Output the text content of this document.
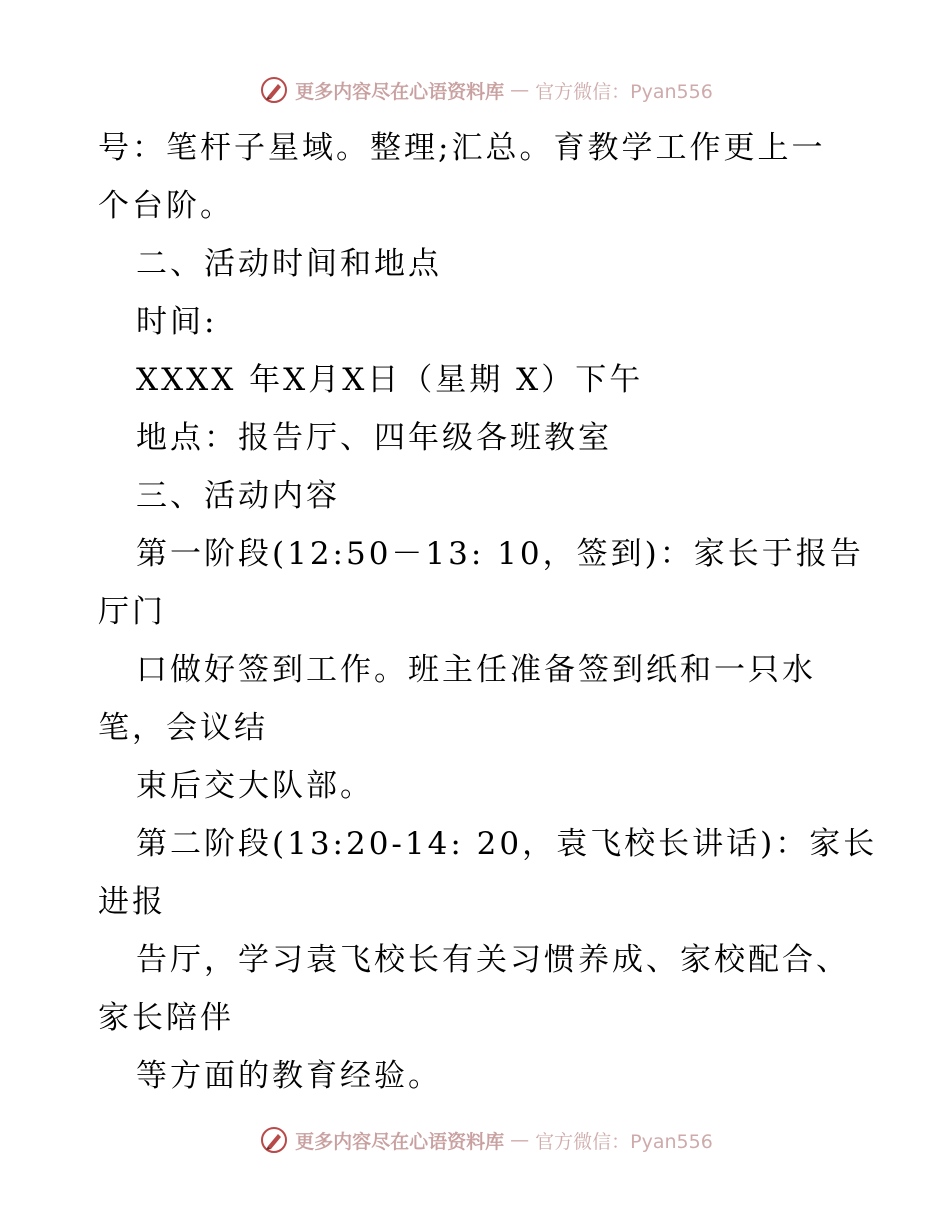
更多内容尽在心语资料库 — 官方微信：Pyan556
号：笔杆子星域。整理;汇总。育教学工作更上一
个台阶。
二、活动时间和地点
时间:
XXXX 年X月X日（星期 X）下午
地点：报告厅、四年级各班教室
三、活动内容
第一阶段(12:50－13: 10，签到)：家长于报告
厅门
口做好签到工作。班主任准备签到纸和一只水
笔，会议结
束后交大队部。
第二阶段(13:20-14: 20，袁飞校长讲话)：家长
进报
告厅，学习袁飞校长有关习惯养成、家校配合、
家长陪伴
等方面的教育经验。
更多内容尽在心语资料库 — 官方微信：Pyan556
